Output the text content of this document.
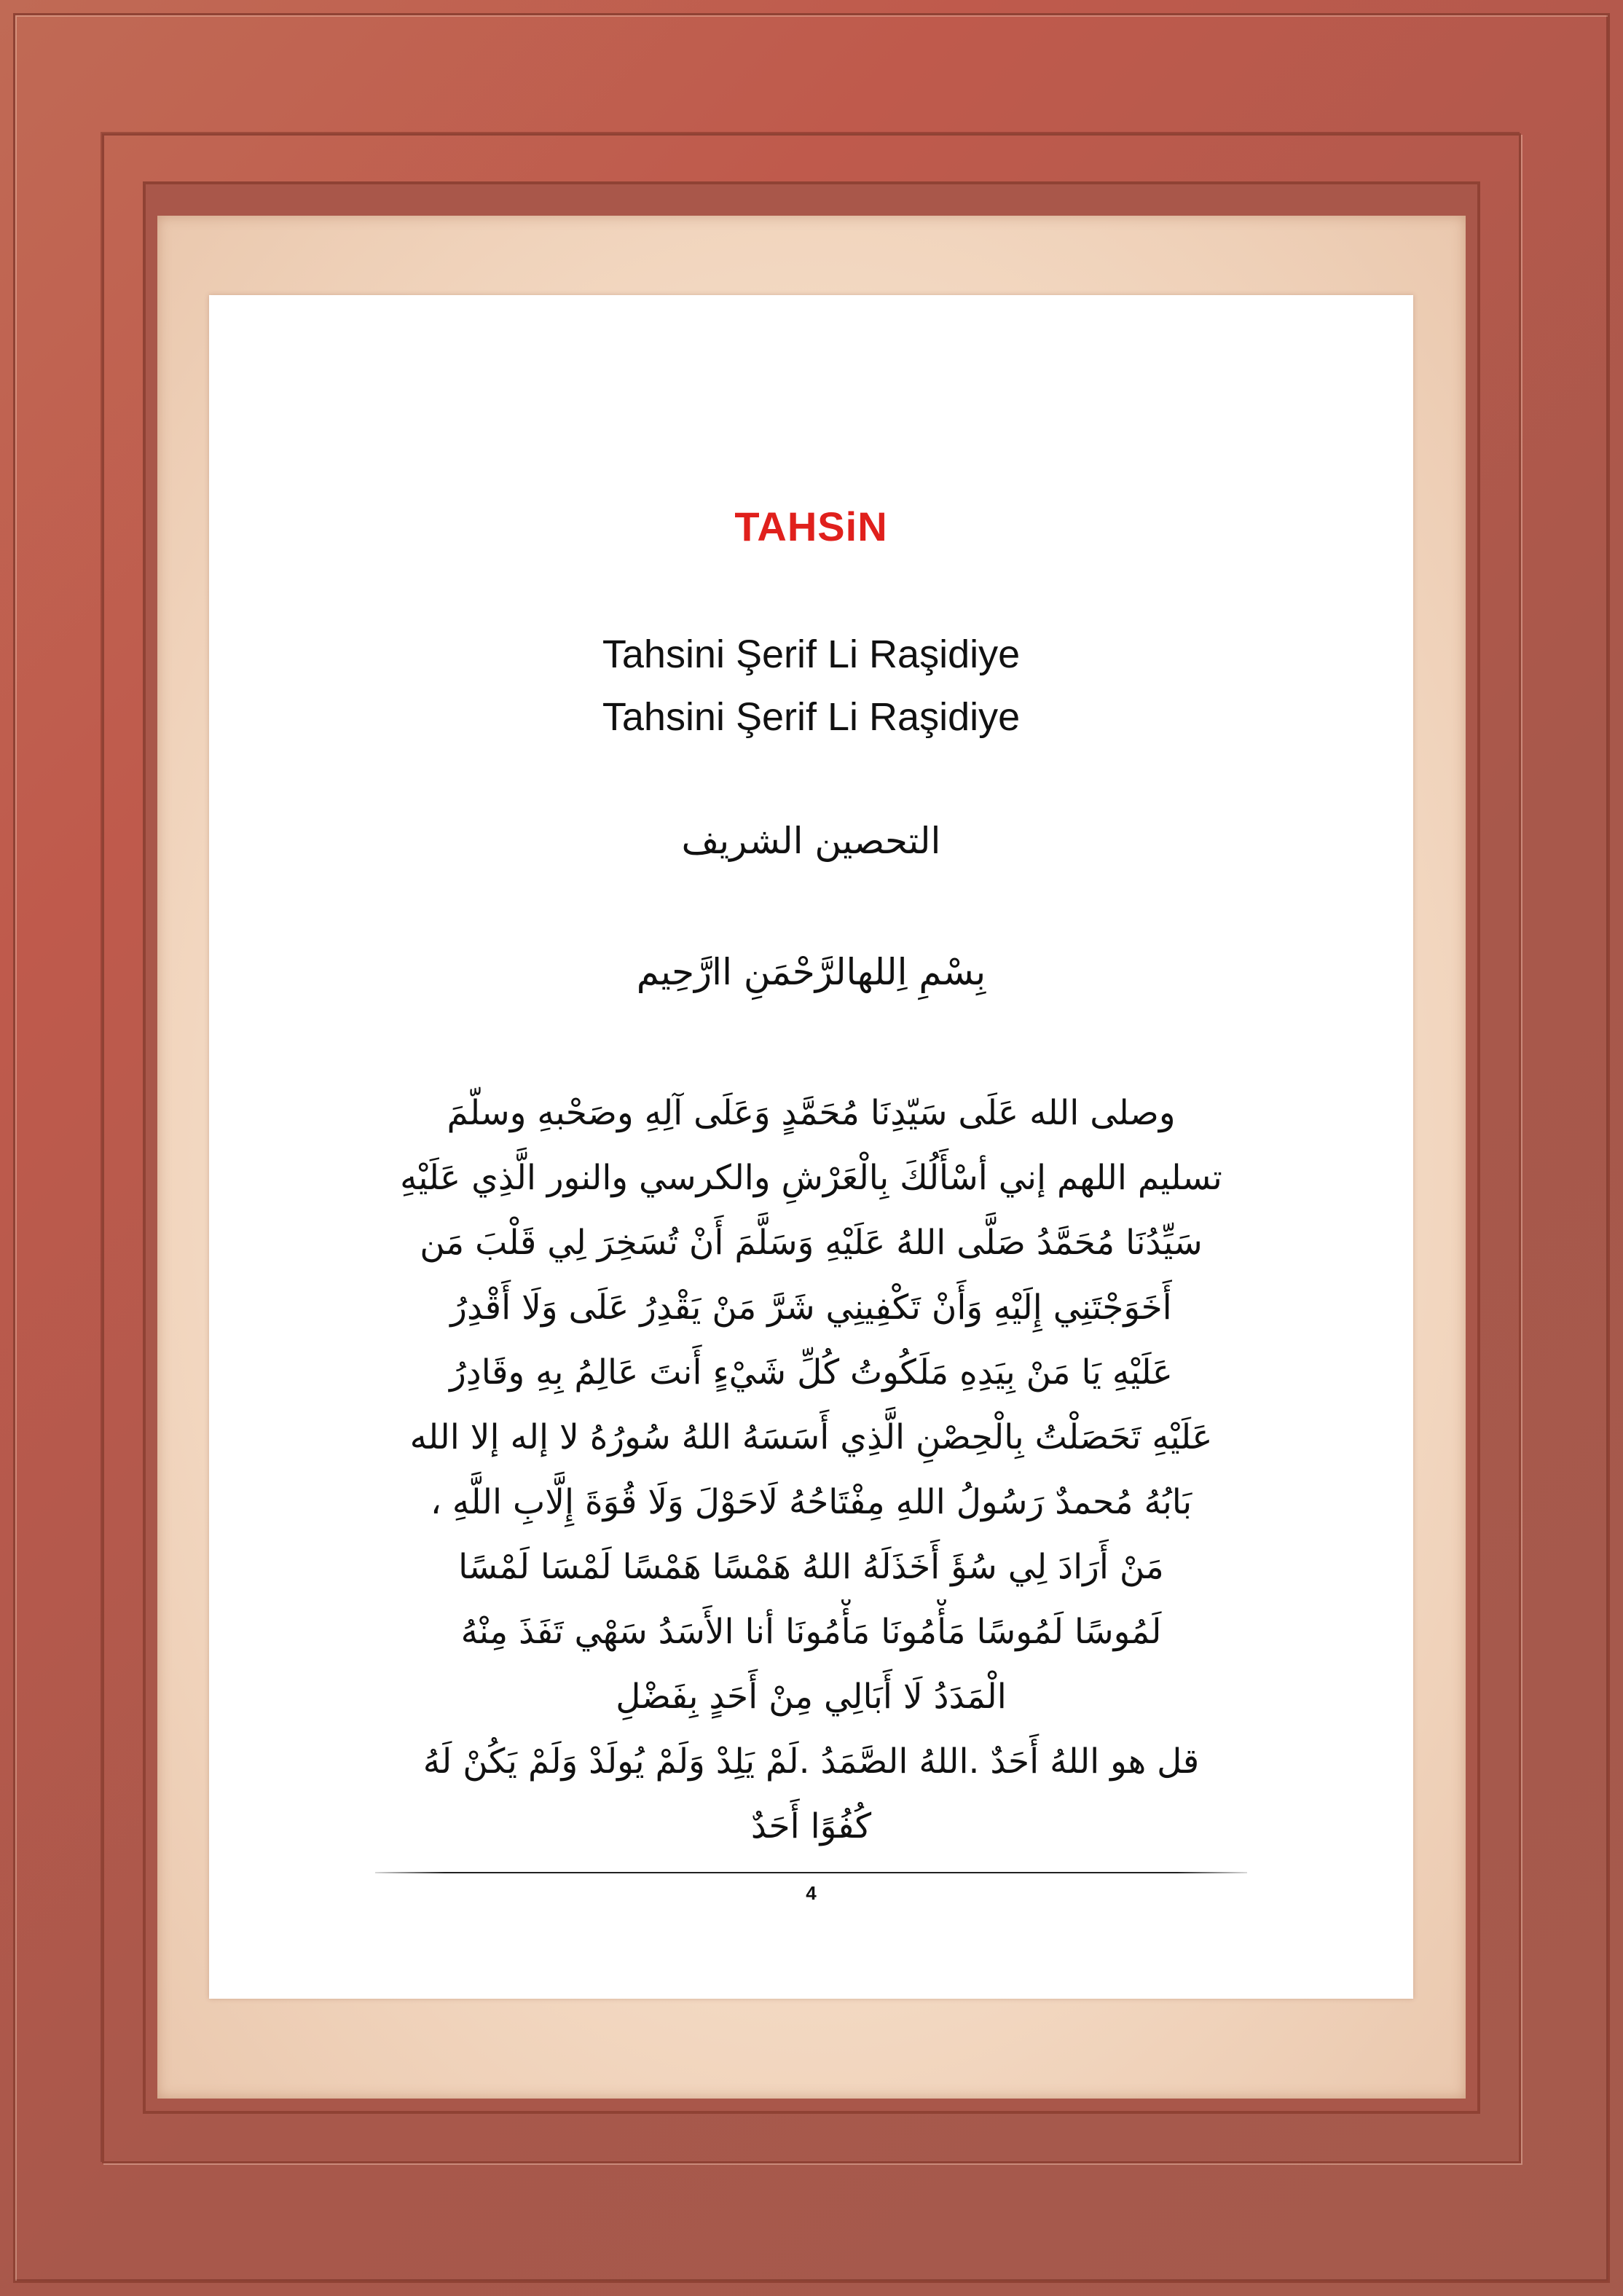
TAHSiN
Tahsini Şerif Li Raşidiye
Tahsini Şerif Li Raşidiye
التحصين الشريف
بِسْمِ اِللهالرَّحْمَنِ اارَّحِيم
وصلى الله عَلَى سَيّدِنَا مُحَمَّدٍ وَعَلَى آلِهِ وصَحْبهِ وسلّمَ
تسليم اللهم إني أسْأَلُكَ بِالْعَرْشِ والكرسي والنور الَّذِي عَلَيْهِ
سَيِّدُنَا مُحَمَّدُ صَلَّى اللهُ عَلَيْهِ وَسَلَّمَ أَنْ تُسَخِرَ لِي قَلْبَ مَن
أَخَوَجْتَنِي إِلَيْهِ وَأَنْ تَكْفِينِي شَرَّ مَنْ يَقْدِرُ عَلَى وَلَا أَقْدِرُ
عَلَيْهِ يَا مَنْ بِيَدِهِ مَلَكُوتُ كُلِّ شَيْءٍ أَنتَ عَالِمُ بِهِ وقَادِرُ
عَلَيْهِ تَحَصَلْتُ بِالْحِصْنِ الَّذِي أَسَسَهُ اللهُ سُورُهُ لا إله إلا الله
بَابُهُ مُحمدٌ رَسُولُ اللهِ مِفْتَاحُهُ لَاحَوْلَ وَلَا قُوَةَ إِلَّابِ اللَّهِ ،
مَنْ أَرَادَ لِي سُؤَ أَخَذَلَهُ اللهُ هَمْسًا هَمْسًا لَمْسَا لَمْسًا
لَمُوسًا لَمُوسًا مَأْمُونَا مَأْمُونَا أنا الأَسَدُ سَهْي تَفَذَ مِنْهُ
الْمَدَدُ لَا أَبَالِي مِنْ أَحَدٍ بِفَضْلِ
قل هو اللهُ أَحَدٌ .اللهُ الصَّمَدُ .لَمْ يَلِدْ وَلَمْ يُولَدْ وَلَمْ يَكُنْ لَهُ
كُفُوًا أَحَدٌ
4
